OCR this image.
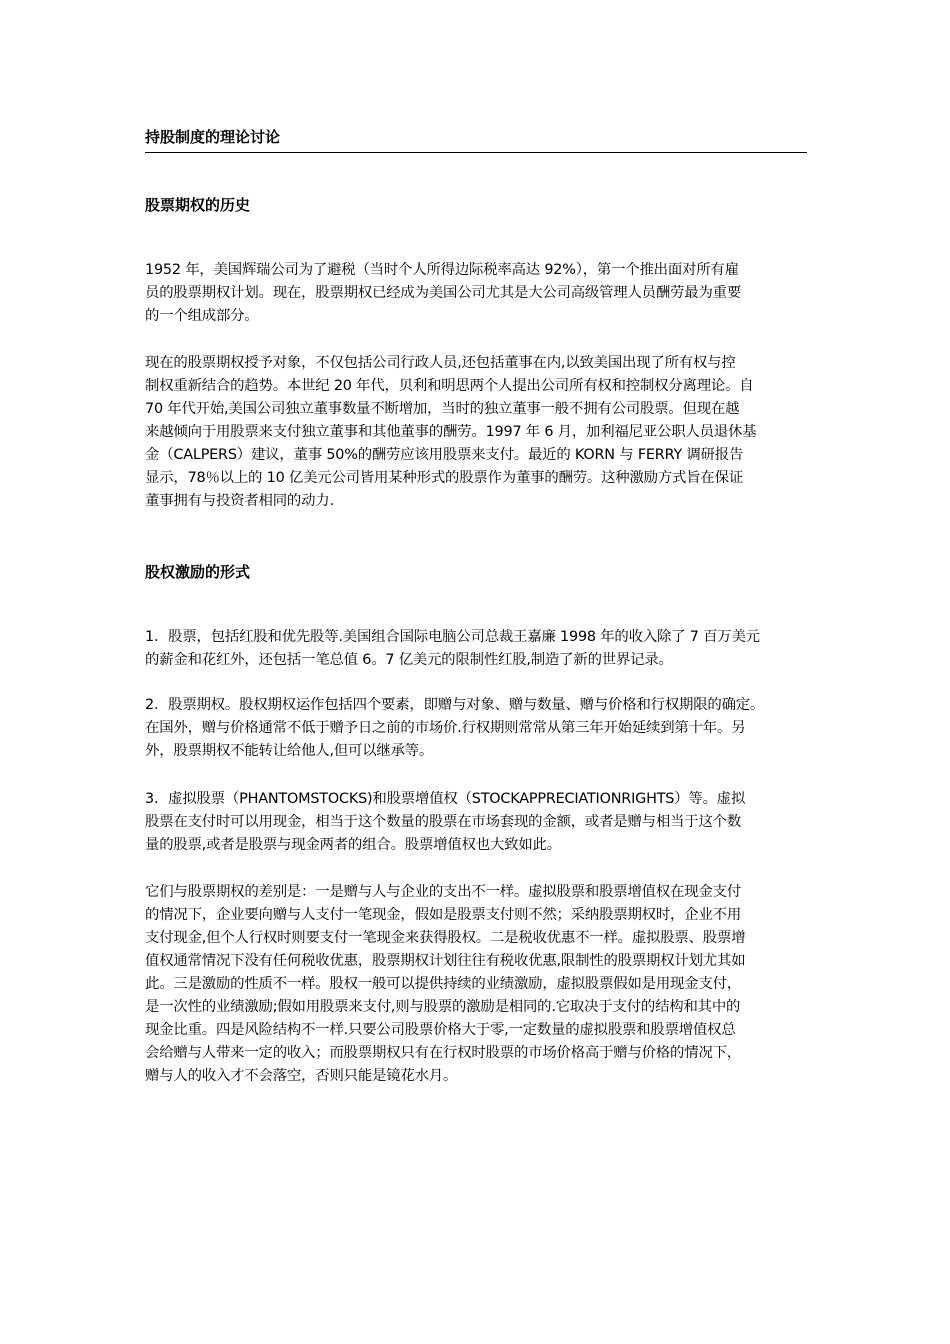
持股制度的理论讨论
股票期权的历史
1952 年，美国辉瑞公司为了避税（当时个人所得边际税率高达 92%），第一个推出面对所有雇
员的股票期权计划。现在，股票期权已经成为美国公司尤其是大公司高级管理人员酬劳最为重要
的一个组成部分。
现在的股票期权授予对象，不仅包括公司行政人员,还包括董事在内,以致美国出现了所有权与控
制权重新结合的趋势。本世纪 20 年代，贝利和明思两个人提出公司所有权和控制权分离理论。自
70 年代开始,美国公司独立董事数量不断增加，当时的独立董事一般不拥有公司股票。但现在越
来越倾向于用股票来支付独立董事和其他董事的酬劳。1997 年 6 月，加利福尼亚公职人员退休基
金（CALPERS）建议，董事 50%的酬劳应该用股票来支付。最近的 KORN 与 FERRY 调研报告
显示，78％以上的 10 亿美元公司皆用某种形式的股票作为董事的酬劳。这种激励方式旨在保证
董事拥有与投资者相同的动力.
股权激励的形式
1．股票，包括红股和优先股等.美国组合国际电脑公司总裁王嘉廉 1998 年的收入除了 7 百万美元
的薪金和花红外，还包括一笔总值 6。7 亿美元的限制性红股,制造了新的世界记录。
2．股票期权。股权期权运作包括四个要素，即赠与对象、赠与数量、赠与价格和行权期限的确定。
在国外，赠与价格通常不低于赠予日之前的市场价.行权期则常常从第三年开始延续到第十年。另
外，股票期权不能转让给他人,但可以继承等。
3．虚拟股票（PHANTOMSTOCKS)和股票增值权（STOCKAPPRECIATIONRIGHTS）等。虚拟
股票在支付时可以用现金，相当于这个数量的股票在市场套现的金额，或者是赠与相当于这个数
量的股票,或者是股票与现金两者的组合。股票增值权也大致如此。
它们与股票期权的差别是：一是赠与人与企业的支出不一样。虚拟股票和股票增值权在现金支付
的情况下，企业要向赠与人支付一笔现金，假如是股票支付则不然；采纳股票期权时，企业不用
支付现金,但个人行权时则要支付一笔现金来获得股权。二是税收优惠不一样。虚拟股票、股票增
值权通常情况下没有任何税收优惠，股票期权计划往往有税收优惠,限制性的股票期权计划尤其如
此。三是激励的性质不一样。股权一般可以提供持续的业绩激励，虚拟股票假如是用现金支付，
是一次性的业绩激励;假如用股票来支付,则与股票的激励是相同的.它取决于支付的结构和其中的
现金比重。四是风险结构不一样.只要公司股票价格大于零,一定数量的虚拟股票和股票增值权总
会给赠与人带来一定的收入；而股票期权只有在行权时股票的市场价格高于赠与价格的情况下，
赠与人的收入才不会落空，否则只能是镜花水月。
